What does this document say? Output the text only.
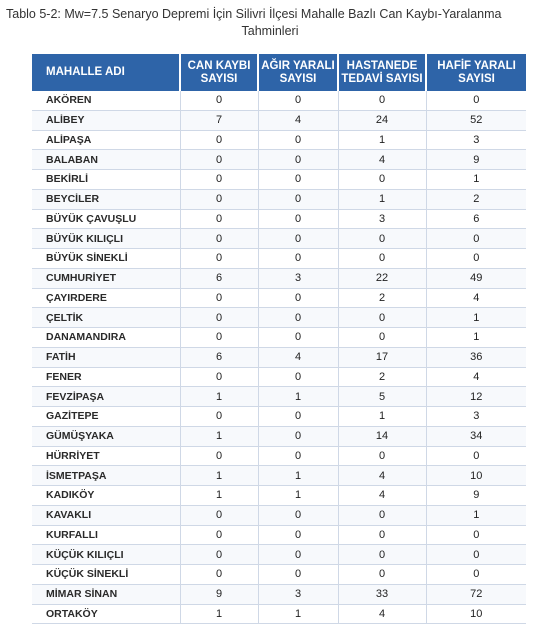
Tablo 5-2: Mw=7.5 Senaryo Depremi İçin Silivri İlçesi Mahalle Bazlı Can Kaybı-Yaralanma
Tahminleri
MAHALLE ADI	CAN KAYBI SAYISI	AĞIR YARALI SAYISI	HASTANEDE TEDAVİ SAYISI	HAFİF YARALI SAYISI
AKÖREN	0	0	0	0
ALİBEY	7	4	24	52
ALİPAŞA	0	0	1	3
BALABAN	0	0	4	9
BEKİRLİ	0	0	0	1
BEYCİLER	0	0	1	2
BÜYÜK ÇAVUŞLU	0	0	3	6
BÜYÜK KILIÇLI	0	0	0	0
BÜYÜK SİNEKLİ	0	0	0	0
CUMHURİYET	6	3	22	49
ÇAYIRDERE	0	0	2	4
ÇELTİK	0	0	0	1
DANAMANDIRA	0	0	0	1
FATİH	6	4	17	36
FENER	0	0	2	4
FEVZİPAŞA	1	1	5	12
GAZİTEPE	0	0	1	3
GÜMÜŞYAKA	1	0	14	34
HÜRRİYET	0	0	0	0
İSMETPAŞA	1	1	4	10
KADIKÖY	1	1	4	9
KAVAKLI	0	0	0	1
KURFALLI	0	0	0	0
KÜÇÜK KILIÇLI	0	0	0	0
KÜÇÜK SİNEKLİ	0	0	0	0
MİMAR SİNAN	9	3	33	72
ORTAKÖY	1	1	4	10
